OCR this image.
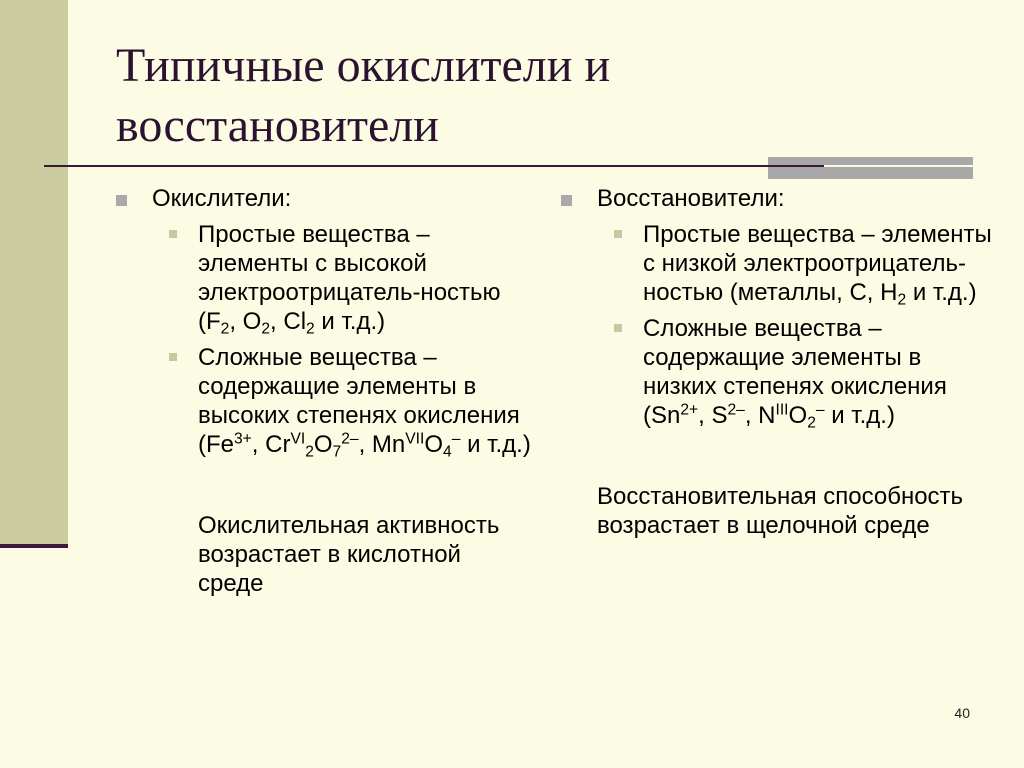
Типичные окислители и восстановители
Окислители:
Простые вещества – элементы с высокой электроотрицатель-ностью ($F_2$, $O_2$, $Cl_2$ и т.д.)
Сложные вещества – содержащие элементы в высоких степенях окисления ($Fe^{3+}$, $Cr^{VI}_2O_7^{2-}$, $Mn^{VII}O_4^-$ и т.д.)
Окислительная активность возрастает в кислотной среде
Восстановители:
Простые вещества – элементы с низкой электроотрицатель-ностью (металлы, C, $H_2$ и т.д.)
Сложные вещества – содержащие элементы в низких степенях окисления ($Sn^{2+}$, $S^{2-}$, $N^{III}O_2^-$ и т.д.)
Восстановительная способность возрастает в щелочной среде
40
